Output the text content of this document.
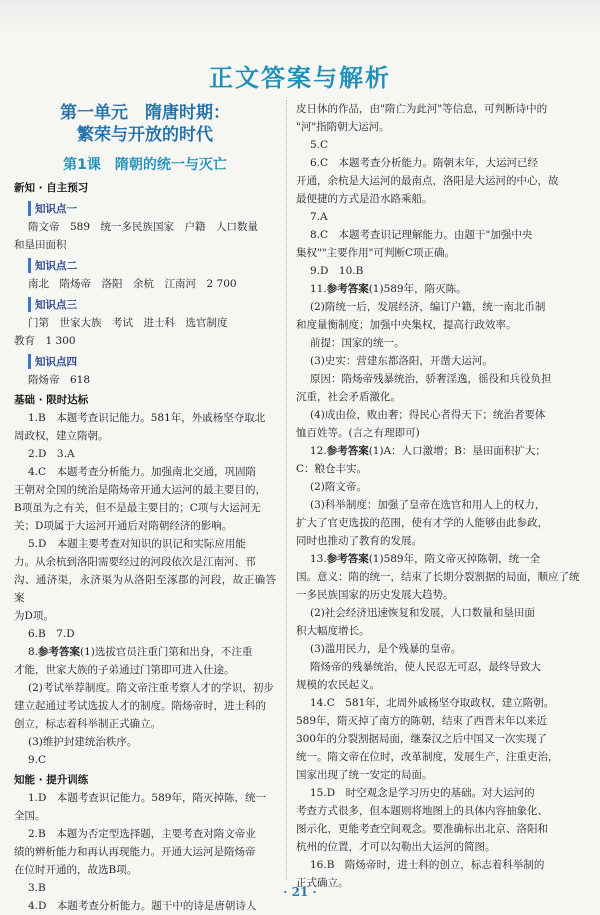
正文答案与解析
第一单元　隋唐时期：
繁荣与开放的时代
第1课　隋朝的统一与灭亡
新知 · 自主预习
知识点一

隋文帝　589　统一多民族国家　户籍　人口数量

和垦田面积

知识点二

南北　隋炀帝　洛阳　余杭　江南河　2 700

知识点三

门第　世家大族　考试　进士科　选官制度

教育　1 300

知识点四

隋炀帝　618

基础 · 限时达标

1.B　本题考查识记能力。581年，外戚杨坚夺取北

周政权，建立隋朝。

2.D　3.A

4.C　本题考查分析能力。加强南北交通，巩固隋

王朝对全国的统治是隋炀帝开通大运河的最主要目的，

B项虽为之有关，但不是最主要目的；C项与大运河无

关；D项属于大运河开通后对隋朝经济的影响。

5.D　本题主要考查对知识的识记和实际应用能

力。从余杭到洛阳需要经过的河段依次是江南河、邗

沟、通济渠，永济渠为从洛阳至涿郡的河段，故正确答案

为D项。

6.B　7.D

8.参考答案(1)选拔官员注重门第和出身，不注重

才能，世家大族的子弟通过门第即可进入仕途。

(2)考试举荐制度。隋文帝注重考察人才的学识，初步

建立起通过考试选拔人才的制度。隋炀帝时，进士科的

创立，标志着科举制正式确立。

(3)维护封建统治秩序。

9.C

知能 · 提升训练

1.D　本题考查识记能力。589年，隋灭掉陈，统一

全国。

2.B　本题为否定型选择题，主要考查对隋文帝业

绩的辨析能力和再认再现能力。开通大运河是隋炀帝

在位时开通的，故选B项。

3.B

4.D　本题考查分析能力。题干中的诗是唐朝诗人

皮日休的作品，由"隋亡为此河"等信息，可判断诗中的

"河"指隋朝大运河。

5.C

6.C　本题考查分析能力。隋朝末年，大运河已经

开通，余杭是大运河的最南点，洛阳是大运河的中心，故

最便捷的方式是沿水路乘船。

7.A

8.C　本题考查识记理解能力。由题干"加强中央

集权""主要作用"可判断C项正确。

9.D　10.B

11.参考答案(1)589年，隋灭陈。

(2)隋统一后，发展经济，编订户籍，统一南北币制

和度量衡制度；加强中央集权，提高行政效率。

前提：国家的统一。

(3)史实：营建东都洛阳，开凿大运河。

原因：隋炀帝残暴统治，骄奢淫逸，徭役和兵役负担

沉重，社会矛盾激化。

(4)成由俭，败由奢；得民心者得天下；统治者要体

恤百姓等。(言之有理即可)

12.参考答案(1)A：人口激增；B：垦田面积扩大；

C：粮仓丰实。

(2)隋文帝。

(3)科举制度：加强了皇帝在选官和用人上的权力，

扩大了官吏选拔的范围，使有才学的人能够由此参政，

同时也推动了教育的发展。

13.参考答案(1)589年，隋文帝灭掉陈朝，统一全

国。意义：隋的统一，结束了长期分裂割据的局面，顺应了统

一多民族国家的历史发展大趋势。

(2)社会经济迅速恢复和发展，人口数量和垦田面

积大幅度增长。

(3)滥用民力，是个残暴的皇帝。

隋炀帝的残暴统治，使人民忍无可忍，最终导致大

规模的农民起义。

14.C　581年，北周外戚杨坚夺取政权，建立隋朝。

589年，隋灭掉了南方的陈朝，结束了西晋末年以来近

300年的分裂割据局面，继秦汉之后中国又一次实现了

统一。隋文帝在位时，改革制度，发展生产，注重吏治，

国家出现了统一安定的局面。

15.D　时空观念是学习历史的基础。对大运河的

考查方式很多，但本题则将地图上的具体内容抽象化、

图示化，更能考查空间观念。要准确标出北京、洛阳和

杭州的位置，才可以勾勒出大运河的简图。

16.B　隋炀帝时，进士科的创立，标志着科举制的

正式确立。

· 21 ·
